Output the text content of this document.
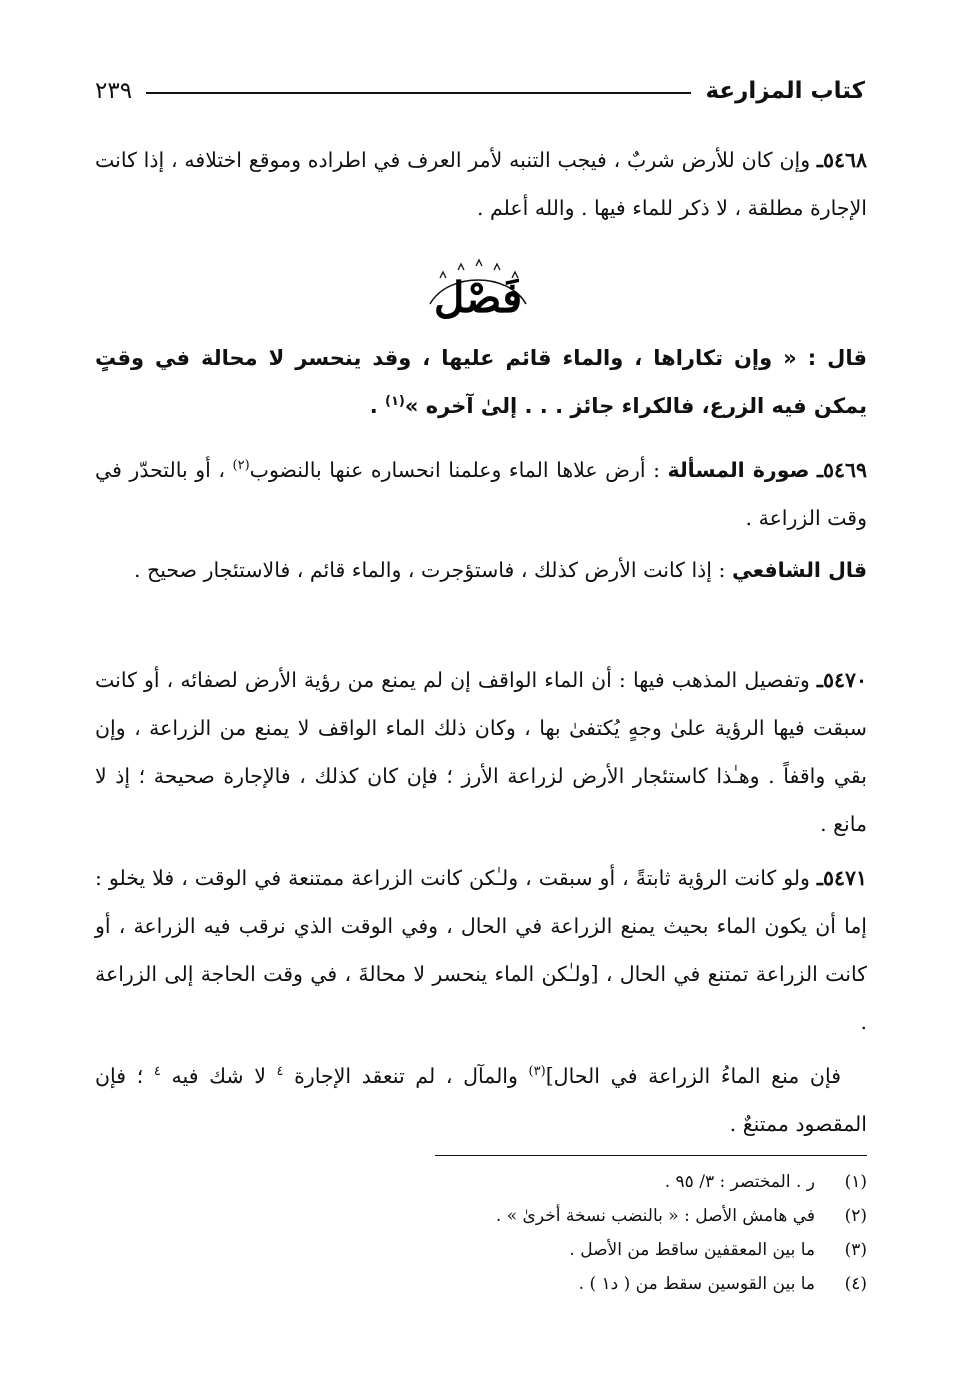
كتاب المزارعة
٢٣٩
٥٤٦٨ـ وإن كان للأرض شربٌ ، فيجب التنبه لأمر العرف في اطراده وموقع اختلافه ، إذا كانت الإجارة مطلقة ، لا ذكر للماء فيها . والله أعلم .
فَصْل
قال : « وإن تكاراها ، والماء قائم عليها ، وقد ينحسر لا محالة في وقتٍ يمكن فيه الزرع، فالكراء جائز . . . إلىٰ آخره »$^{(١)}$ .
٥٤٦٩ـ صورة المسألة : أرض علاها الماء وعلمنا انحساره عنها بالنضوب$^{(٢)}$ ، أو بالتحدّر في وقت الزراعة .
قال الشافعي : إذا كانت الأرض كذلك ، فاستؤجرت ، والماء قائم ، فالاستئجار صحيح .
٥٤٧٠ـ وتفصيل المذهب فيها : أن الماء الواقف إن لم يمنع من رؤية الأرض لصفائه ، أو كانت سبقت فيها الرؤية علىٰ وجهٍ يُكتفىٰ بها ، وكان ذلك الماء الواقف لا يمنع من الزراعة ، وإن بقي واقفاً . وهـٰذا كاستئجار الأرض لزراعة الأرز ؛ فإن كان كذلك ، فالإجارة صحيحة ؛ إذ لا مانع .
٥٤٧١ـ ولو كانت الرؤية ثابتةً ، أو سبقت ، ولـٰكن كانت الزراعة ممتنعة في الوقت ، فلا يخلو : إما أن يكون الماء بحيث يمنع الزراعة في الحال ، وفي الوقت الذي نرقب فيه الزراعة ، أو كانت الزراعة تمتنع في الحال ، [ولـٰكن الماء ينحسر لا محالةَ ، في وقت الحاجة إلى الزراعة .
فإن منع الماءُ الزراعة في الحال]$^{(٣)}$ والمآل ، لم تنعقد الإجارة $^٤$ لا شك فيه $^٤$ ؛ فإن المقصود ممتنعٌ .
(١)
ر . المختصر : ٣/ ٩٥ .
(٢)
في هامش الأصل : « بالنضب نسخة أخرىٰ » .
(٣)
ما بين المعقفين ساقط من الأصل .
(٤)
ما بين القوسين سقط من ( د١ ) .
